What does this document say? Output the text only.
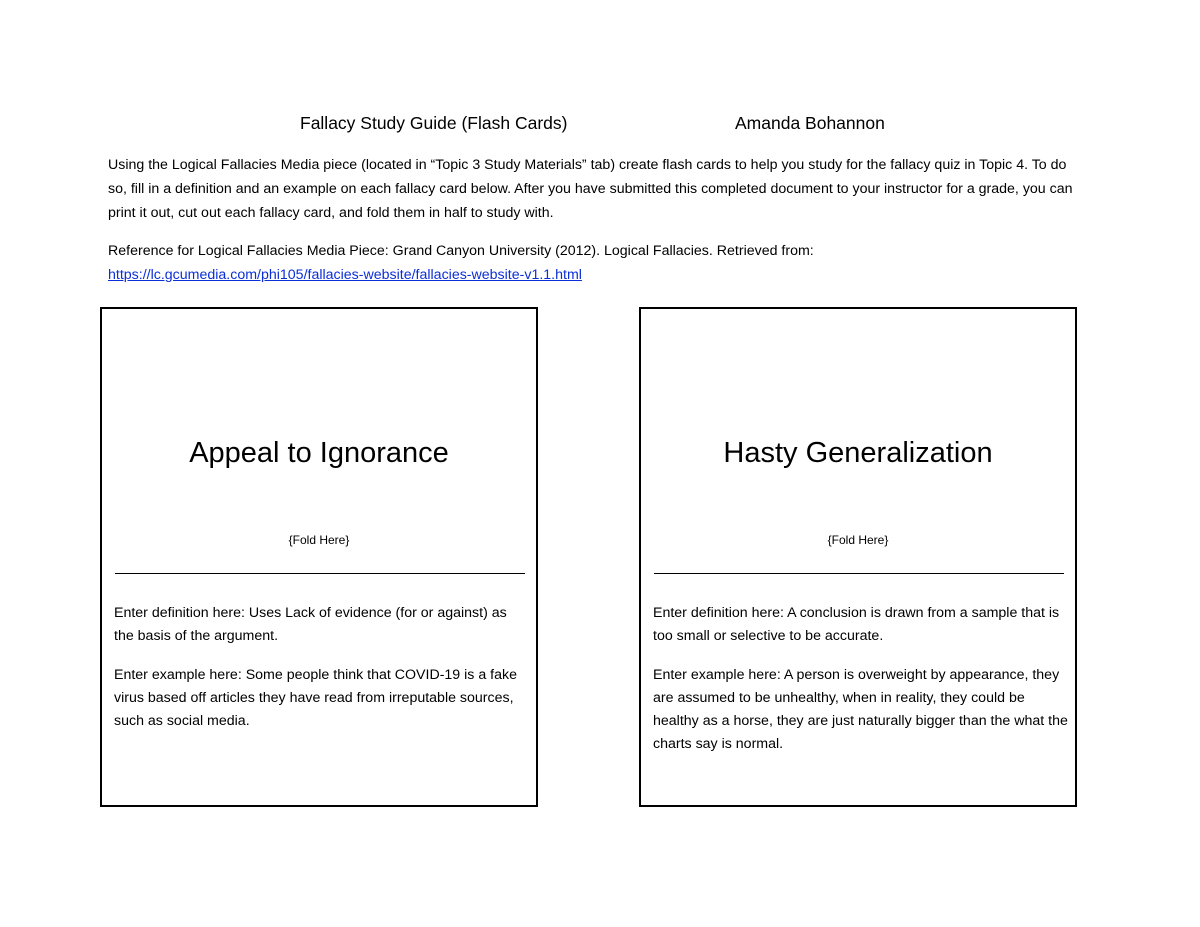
Fallacy Study Guide (Flash Cards)	Amanda Bohannon

Using the Logical Fallacies Media piece (located in “Topic 3 Study Materials” tab) create flash cards to help you study for the fallacy quiz in Topic 4. To do so, fill in a definition and an example on each fallacy card below. After you have submitted this completed document to your instructor for a grade, you can print it out, cut out each fallacy card, and fold them in half to study with.

Reference for Logical Fallacies Media Piece: Grand Canyon University (2012). Logical Fallacies. Retrieved from:
https://lc.gcumedia.com/phi105/fallacies-website/fallacies-website-v1.1.html

Appeal to Ignorance
{Fold Here}

Enter definition here: Uses Lack of evidence (for or against) as the basis of the argument.

Enter example here: Some people think that COVID-19 is a fake virus based off articles they have read from irreputable sources, such as social media.

Hasty Generalization
{Fold Here}

Enter definition here: A conclusion is drawn from a sample that is too small or selective to be accurate.

Enter example here: A person is overweight by appearance, they are assumed to be unhealthy, when in reality, they could be healthy as a horse, they are just naturally bigger than the what the charts say is normal.
